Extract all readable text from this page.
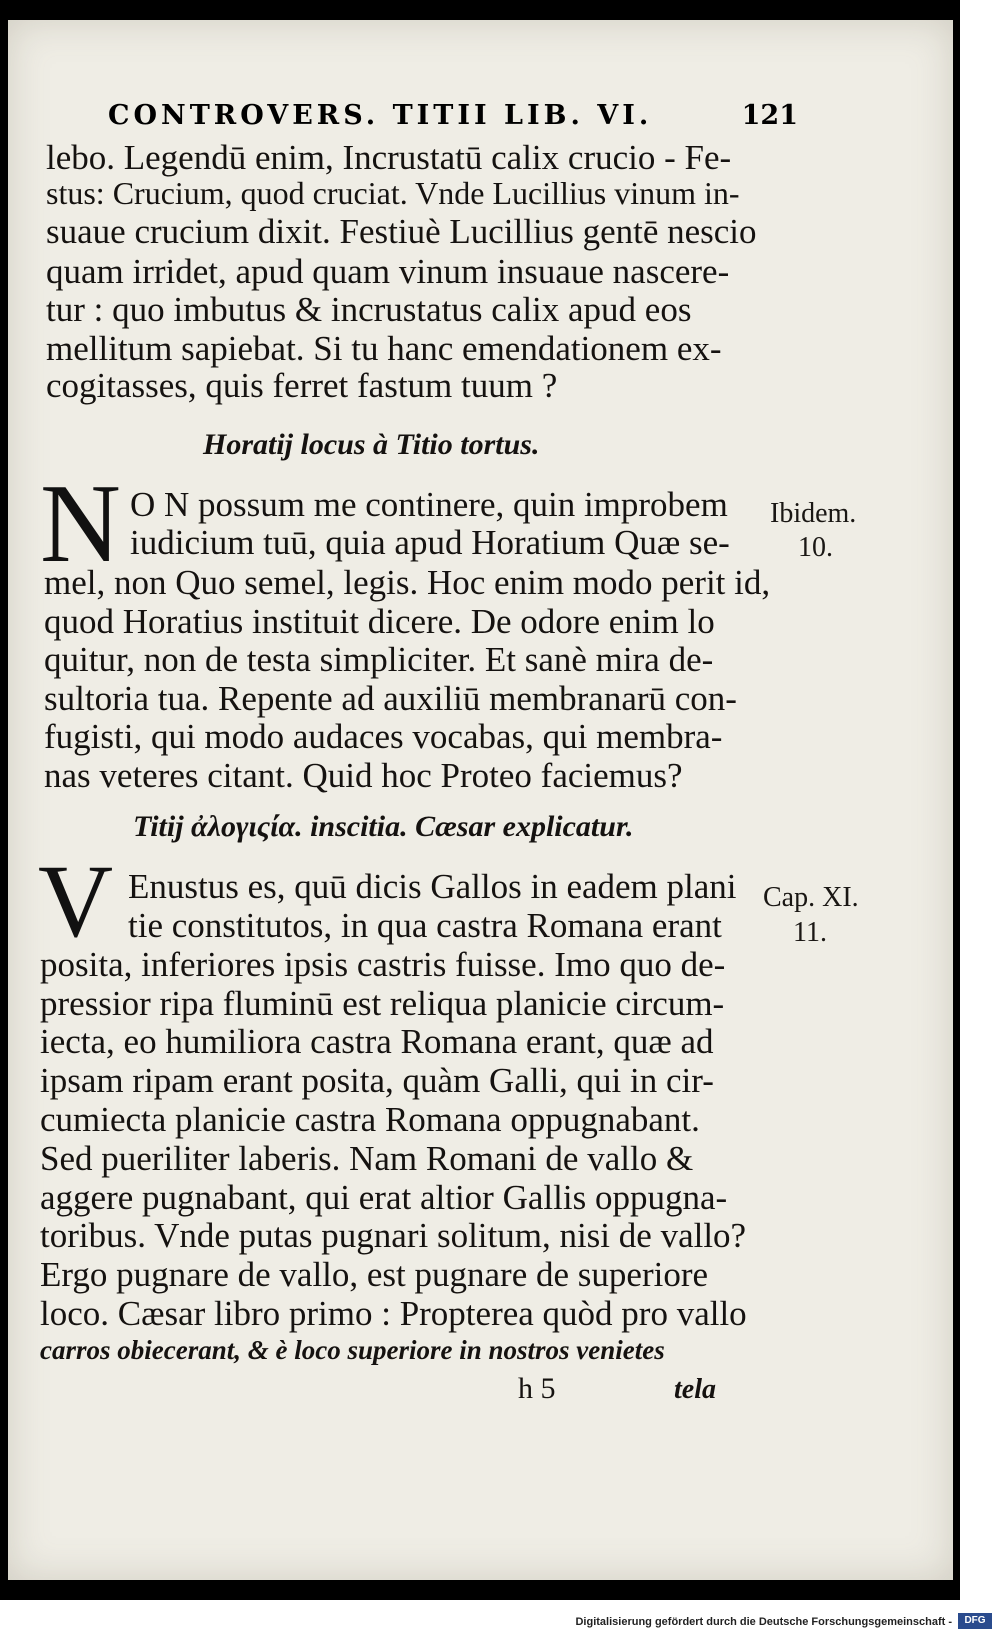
CONTROVERS. TITII LIB. VI.	121
lebo. Legendū enim, Incrustatū calix crucio - Fe-
stus: Crucium, quod cruciat. Vnde Lucillius vinum in-
suaue crucium dixit. Festiuè Lucillius gentē nescio
quam irridet, apud quam vinum insuaue nascere-
tur : quo imbutus & incrustatus calix apud eos
mellitum sapiebat. Si tu hanc emendationem ex-
cogitasses, quis ferret fastum tuum ?
Horatij locus à Titio tortus.
N O N possum me continere, quin improbem
iudicium tuū, quia apud Horatium Quæ se-
mel, non Quo semel, legis. Hoc enim modo perit id,
quod Horatius instituit dicere. De odore enim lo
quitur, non de testa simpliciter. Et sanè mira de-
sultoria tua. Repente ad auxiliū membranarū con-
fugisti, qui modo audaces vocabas, qui membra-
nas veteres citant. Quid hoc Proteo faciemus?
Ibidem.
10.
Titij ἀλογιςία. inscitia. Cæsar explicatur.
V Enustus es, quū dicis Gallos in eadem plani
tie constitutos, in qua castra Romana erant
posita, inferiores ipsis castris fuisse. Imo quo de-
pressior ripa fluminū est reliqua planicie circum-
iecta, eo humiliora castra Romana erant, quæ ad
ipsam ripam erant posita, quàm Galli, qui in cir-
cumiecta planicie castra Romana oppugnabant.
Sed pueriliter laberis. Nam Romani de vallo &
aggere pugnabant, qui erat altior Gallis oppugna-
toribus. Vnde putas pugnari solitum, nisi de vallo?
Ergo pugnare de vallo, est pugnare de superiore
loco. Cæsar libro primo : Propterea quòd pro vallo
carros obiecerant, & è loco superiore in nostros venietes
Cap. XI.
11.
h 5	tela
Digitalisierung gefördert durch die Deutsche Forschungsgemeinschaft -	DFG
